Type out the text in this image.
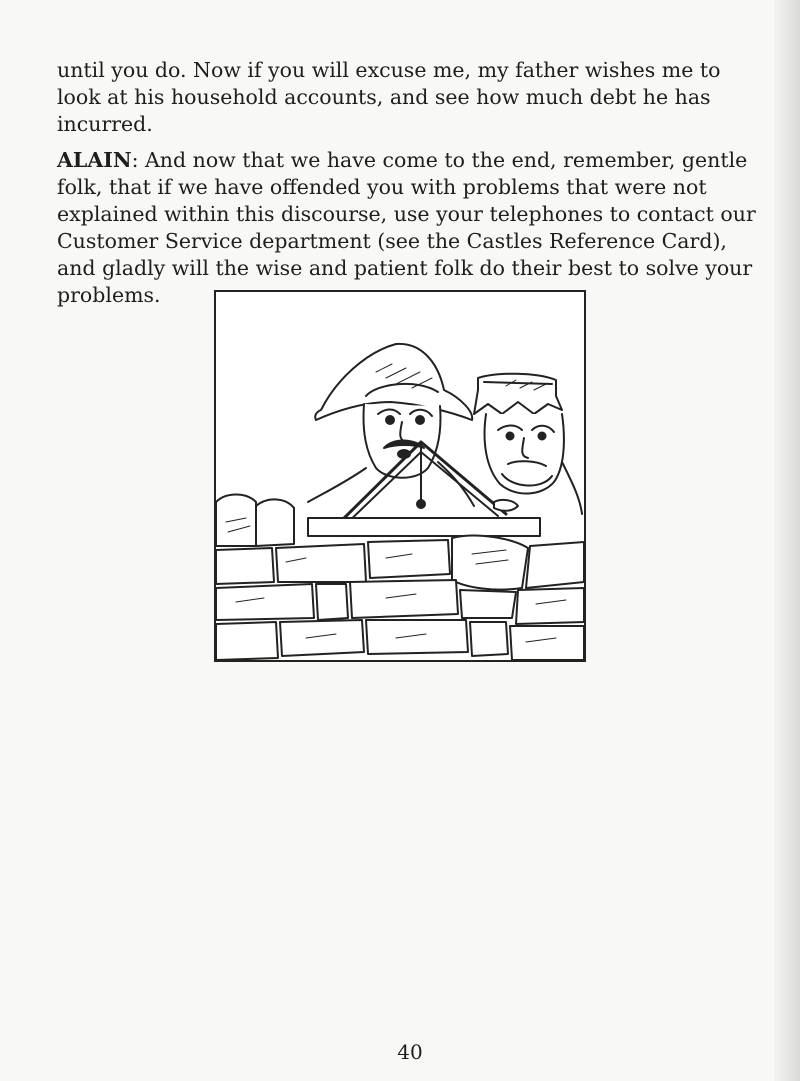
until you do. Now if you will excuse me, my father wishes me to look at his household accounts, and see how much debt he has incurred.

ALAIN: And now that we have come to the end, remember, gentle folk, that if we have offended you with problems that were not explained within this discourse, use your telephones to contact our Customer Service department (see the Castles Reference Card), and gladly will the wise and patient folk do their best to solve your problems.

40
